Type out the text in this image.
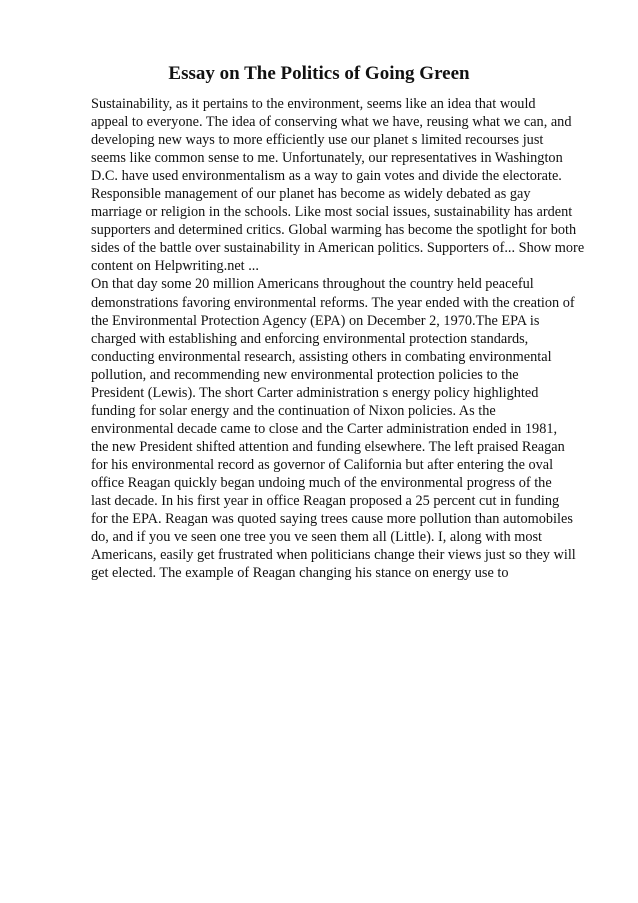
Essay on The Politics of Going Green
Sustainability, as it pertains to the environment, seems like an idea that would
appeal to everyone. The idea of conserving what we have, reusing what we can, and
developing new ways to more efficiently use our planet s limited recourses just
seems like common sense to me. Unfortunately, our representatives in Washington
D.C. have used environmentalism as a way to gain votes and divide the electorate.
Responsible management of our planet has become as widely debated as gay
marriage or religion in the schools. Like most social issues, sustainability has ardent
supporters and determined critics. Global warming has become the spotlight for both
sides of the battle over sustainability in American politics. Supporters of... Show more
content on Helpwriting.net ...
On that day some 20 million Americans throughout the country held peaceful
demonstrations favoring environmental reforms. The year ended with the creation of
the Environmental Protection Agency (EPA) on December 2, 1970.The EPA is
charged with establishing and enforcing environmental protection standards,
conducting environmental research, assisting others in combating environmental
pollution, and recommending new environmental protection policies to the
President (Lewis). The short Carter administration s energy policy highlighted
funding for solar energy and the continuation of Nixon policies. As the
environmental decade came to close and the Carter administration ended in 1981,
the new President shifted attention and funding elsewhere. The left praised Reagan
for his environmental record as governor of California but after entering the oval
office Reagan quickly began undoing much of the environmental progress of the
last decade. In his first year in office Reagan proposed a 25 percent cut in funding
for the EPA. Reagan was quoted saying trees cause more pollution than automobiles
do, and if you ve seen one tree you ve seen them all (Little). I, along with most
Americans, easily get frustrated when politicians change their views just so they will
get elected. The example of Reagan changing his stance on energy use to
